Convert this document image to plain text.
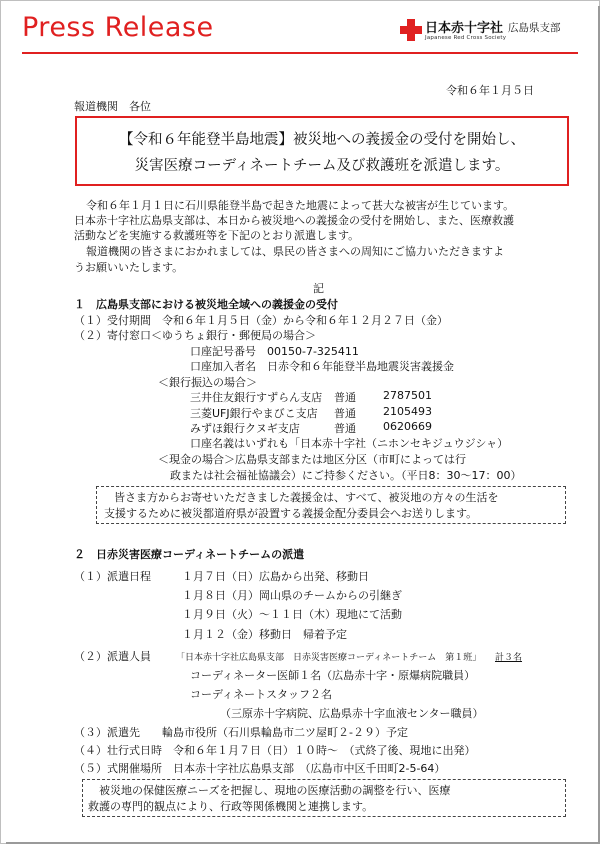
Press Release	日本赤十字社 広島県支部
Japanese Red Cross Society
令和６年１月５日
報道機関　各位
【令和６年能登半島地震】被災地への義援金の受付を開始し、
災害医療コーディネートチーム及び救護班を派遣します。
令和６年１月１日に石川県能登半島で起きた地震によって甚大な被害が生じています。
日本赤十字社広島県支部は、本日から被災地への義援金の受付を開始し、また、医療救護
活動などを実施する救護班等を下記のとおり派遣します。
報道機関の皆さまにおかれましては、県民の皆さまへの周知にご協力いただきますよ
うお願いいたします。
記
１　広島県支部における被災地全域への義援金の受付
（１）受付期間　令和６年１月５日（金）から令和６年１２月２７日（金）
（２）寄付窓口＜ゆうちょ銀行・郵便局の場合＞
口座記号番号　00150-7-325411
口座加入者名　日赤令和６年能登半島地震災害義援金
＜銀行振込の場合＞
三井住友銀行すずらん支店 普通 2787501
三菱UFJ銀行やまびこ支店 普通 2105493
みずほ銀行クヌギ支店	普通 0620669
口座名義はいずれも「日本赤十字社（ニホンセキジュウジシャ）
＜現金の場合＞広島県支部または地区分区（市町によっては行
政または社会福祉協議会）にご持参ください。（平日8：30～17：00）
皆さま方からお寄せいただきました義援金は、すべて、被災地の方々の生活を
支援するために被災都道府県が設置する義援金配分委員会へお送りします。
２　日赤災害医療コーディネートチームの派遣
（１）派遣日程	１月７日（日）広島から出発、移動日
１月８日（月）岡山県のチームからの引継ぎ
１月９日（火）～１１日（木）現地にて活動
１月１２（金）移動日　帰着予定
（２）派遣人員	「日本赤十字社広島県支部　日赤災害医療コーディネートチーム　第１班」 計３名
コーディネーター医師１名（広島赤十字・原爆病院職員）
コーディネートスタッフ２名
（三原赤十字病院、広島県赤十字血液センター職員）
（３）派遣先　　輪島市役所（石川県輪島市二ツ屋町２-２９）予定
（４）壮行式日時　令和６年１月７日（日）１０時～　（式終了後、現地に出発）
（５）式開催場所　日本赤十字社広島県支部　（広島市中区千田町2-5-64）
被災地の保健医療ニーズを把握し、現地の医療活動の調整を行い、医療
救護の専門的観点により、行政等関係機関と連携します。
